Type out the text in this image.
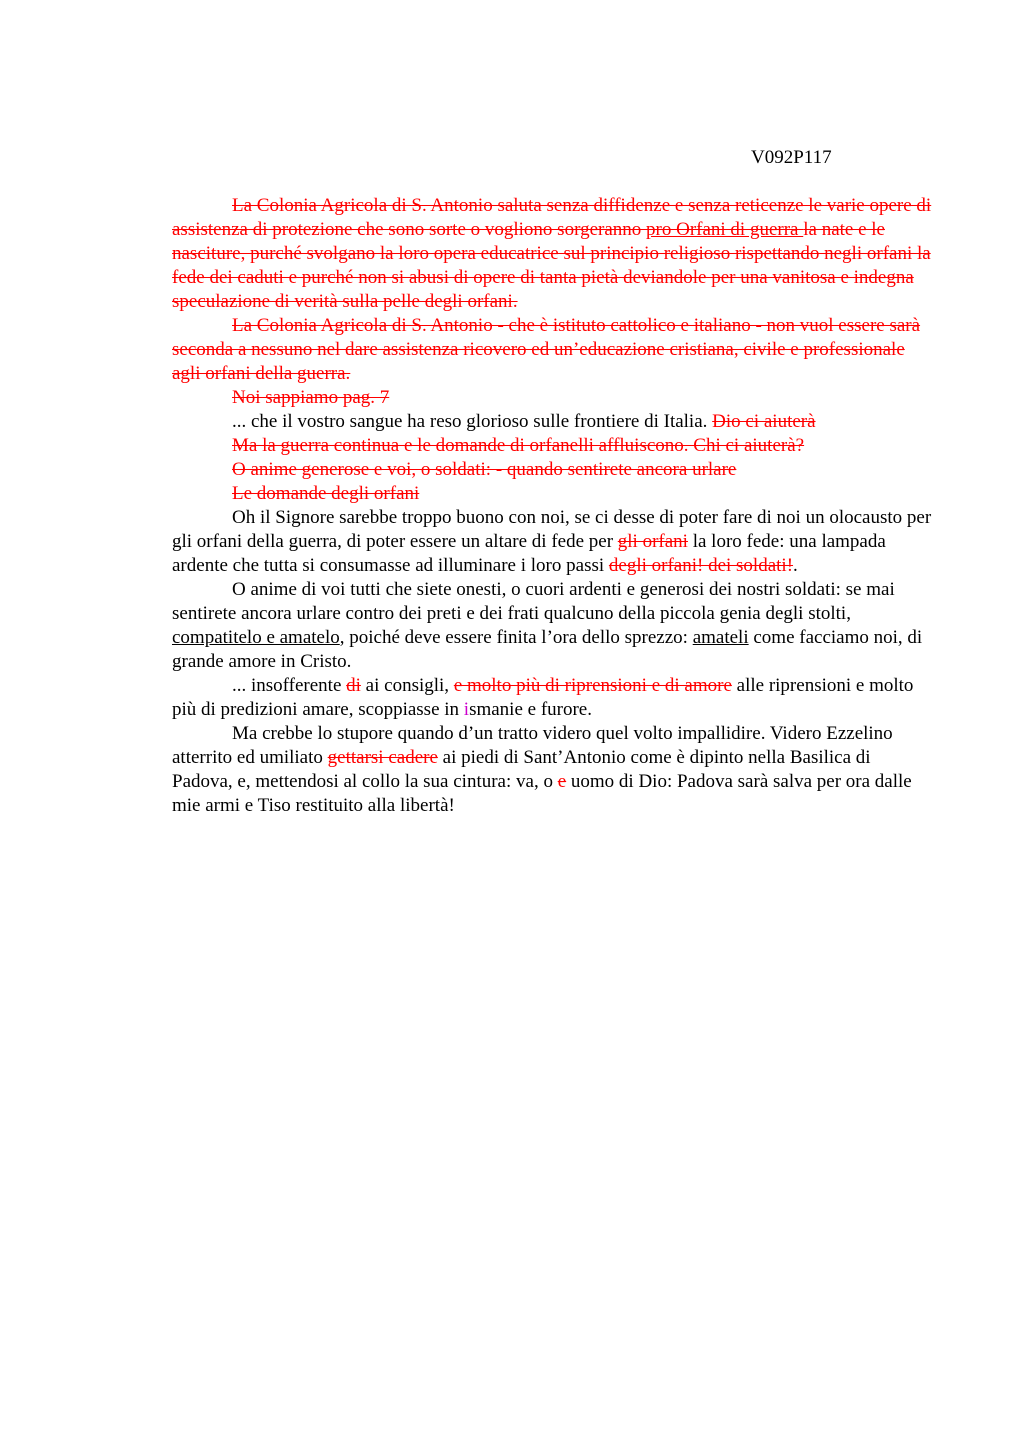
V092P117

La Colonia Agricola di S. Antonio saluta senza diffidenze e senza reticenze le varie opere di assistenza di protezione che sono sorte o vogliono sorgeranno pro Orfani di guerra la nate e le nasciture, purché svolgano la loro opera educatrice sul principio religioso rispettando negli orfani la fede dei caduti e purché non si abusi di opere di tanta pietà deviandole per una vanitosa e indegna speculazione di verità sulla pelle degli orfani.

La Colonia Agricola di S. Antonio - che è istituto cattolico e italiano - non vuol essere sarà seconda a nessuno nel dare assistenza ricovero ed un’educazione cristiana, civile e professionale agli orfani della guerra.

Noi sappiamo pag. 7

... che il vostro sangue ha reso glorioso sulle frontiere di Italia. Dio ci aiuterà

Ma la guerra continua e le domande di orfanelli affluiscono. Chi ci aiuterà?

O anime generose e voi, o soldati: - quando sentirete ancora urlare

Le domande degli orfani

Oh il Signore sarebbe troppo buono con noi, se ci desse di poter fare di noi un olocausto per gli orfani della guerra, di poter essere un altare di fede per gli orfani la loro fede: una lampada ardente che tutta si consumasse ad illuminare i loro passi degli orfani! dei soldati!.

O anime di voi tutti che siete onesti, o cuori ardenti e generosi dei nostri soldati: se mai sentirete ancora urlare contro dei preti e dei frati qualcuno della piccola genia degli stolti, compatitelo e amatelo, poiché deve essere finita l’ora dello sprezzo: amateli come facciamo noi, di grande amore in Cristo.

... insofferente di ai consigli, e molto più di riprensioni e di amore alle riprensioni e molto più di predizioni amare, scoppiasse in ismanie e furore.

Ma crebbe lo stupore quando d’un tratto videro quel volto impallidire. Videro Ezzelino atterrito ed umiliato gettarsi cadere ai piedi di Sant’Antonio come è dipinto nella Basilica di Padova, e, mettendosi al collo la sua cintura: va, o e uomo di Dio: Padova sarà salva per ora dalle mie armi e Tiso restituito alla libertà!
